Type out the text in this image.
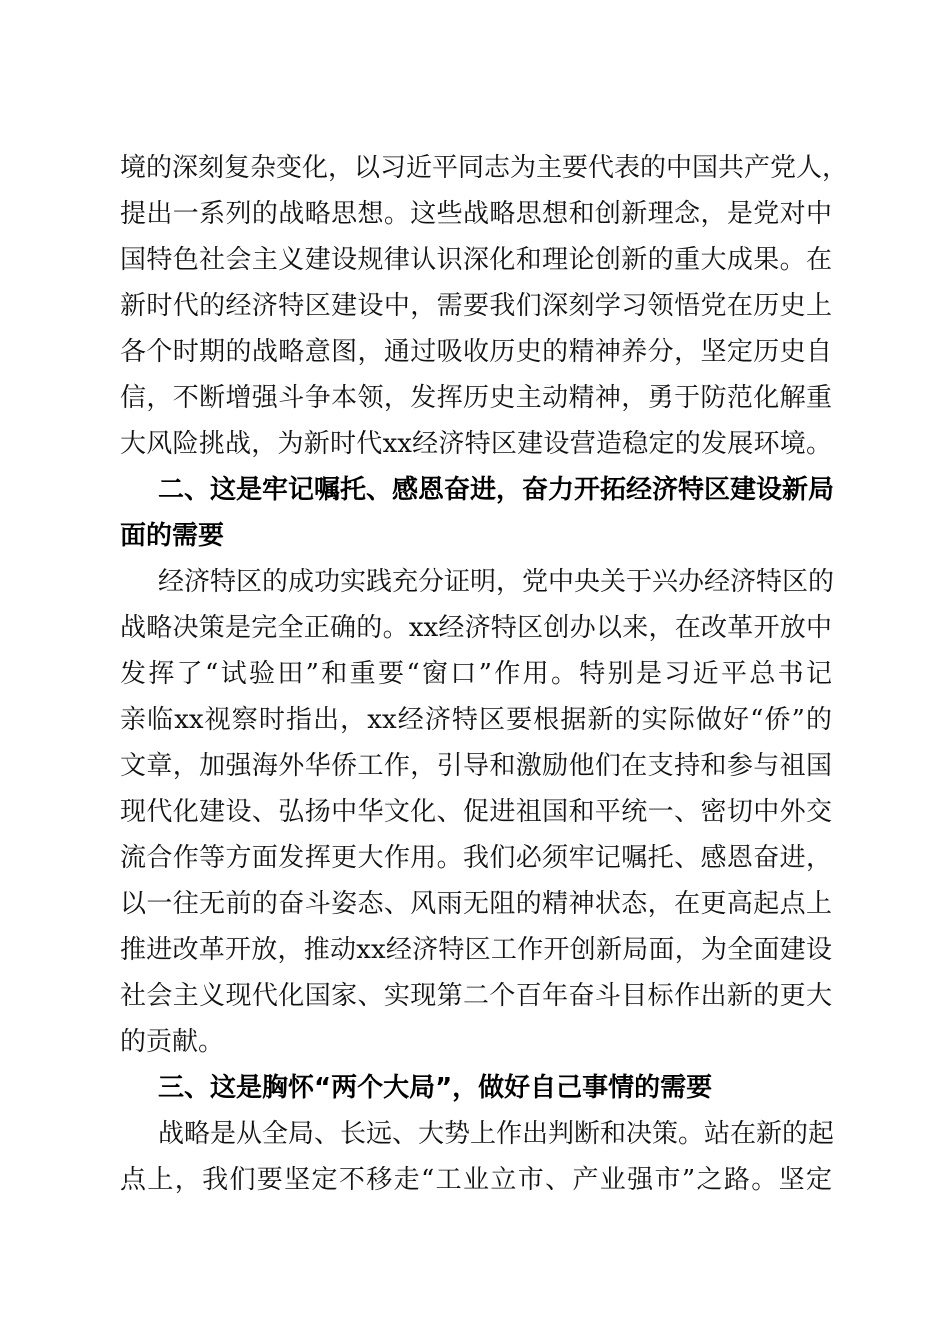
境的深刻复杂变化，以习近平同志为主要代表的中国共产党人，
提出一系列的战略思想。这些战略思想和创新理念，是党对中
国特色社会主义建设规律认识深化和理论创新的重大成果。在
新时代的经济特区建设中，需要我们深刻学习领悟党在历史上
各个时期的战略意图，通过吸收历史的精神养分，坚定历史自
信，不断增强斗争本领，发挥历史主动精神，勇于防范化解重
大风险挑战，为新时代xx经济特区建设营造稳定的发展环境。
二、这是牢记嘱托、感恩奋进，奋力开拓经济特区建设新局
面的需要
经济特区的成功实践充分证明，党中央关于兴办经济特区的
战略决策是完全正确的。xx经济特区创办以来，在改革开放中
发挥了“试验田”和重要“窗口”作用。特别是习近平总书记
亲临xx视察时指出，xx经济特区要根据新的实际做好“侨”的
文章，加强海外华侨工作，引导和激励他们在支持和参与祖国
现代化建设、弘扬中华文化、促进祖国和平统一、密切中外交
流合作等方面发挥更大作用。我们必须牢记嘱托、感恩奋进，
以一往无前的奋斗姿态、风雨无阻的精神状态，在更高起点上
推进改革开放，推动xx经济特区工作开创新局面，为全面建设
社会主义现代化国家、实现第二个百年奋斗目标作出新的更大
的贡献。
三、这是胸怀“两个大局”，做好自己事情的需要
战略是从全局、长远、大势上作出判断和决策。站在新的起
点上，我们要坚定不移走“工业立市、产业强市”之路。坚定
